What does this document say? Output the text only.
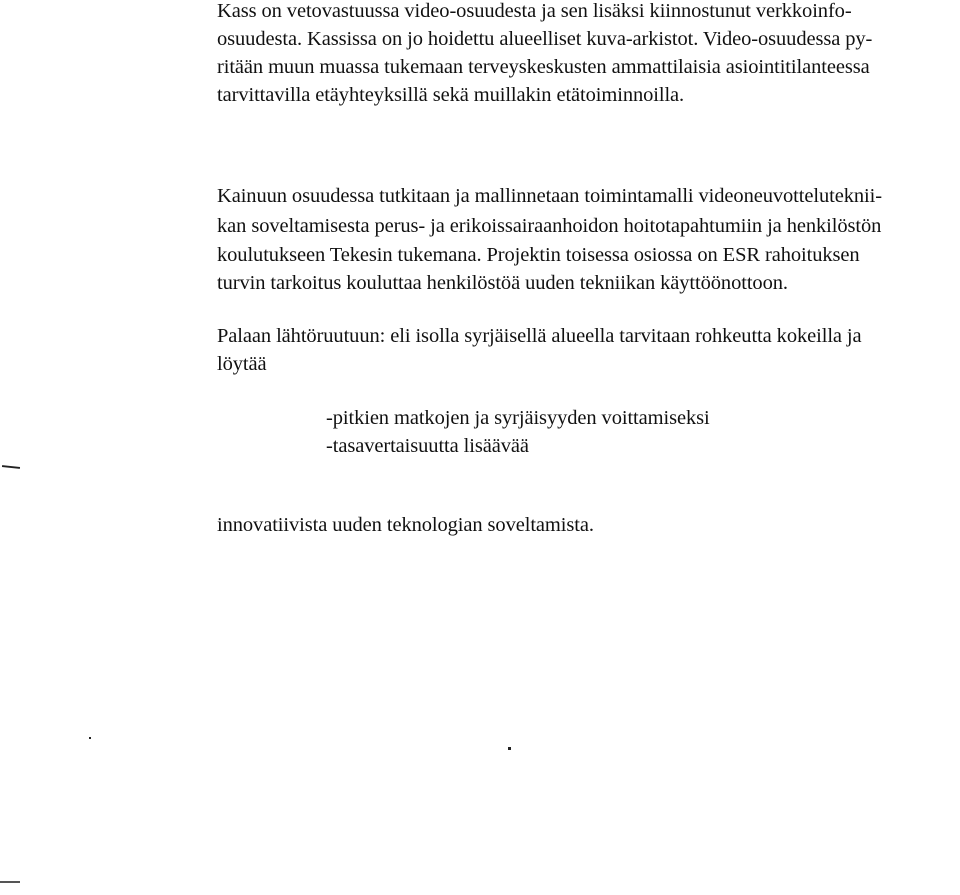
Kass on vetovastuussa video-osuudesta ja sen lisäksi kiinnostunut verkkoinfo-
osuudesta. Kassissa on jo hoidettu alueelliset kuva-arkistot. Video-osuudessa py-
ritään muun muassa tukemaan terveyskeskusten ammattilaisia asiointitilanteessa
tarvittavilla etäyhteyksillä sekä muillakin etätoiminnoilla.
Kainuun osuudessa tutkitaan ja mallinnetaan toimintamalli videoneuvotteluteknii-
kan soveltamisesta perus- ja erikoissairaanhoidon hoitotapahtumiin ja henkilöstön
koulutukseen Tekesin tukemana. Projektin toisessa osiossa on ESR rahoituksen
turvin tarkoitus kouluttaa henkilöstöä uuden tekniikan käyttöönottoon.
Palaan lähtöruutuun: eli isolla syrjäisellä alueella tarvitaan rohkeutta kokeilla ja
löytää
-pitkien matkojen ja syrjäisyyden voittamiseksi
-tasavertaisuutta lisäävää
innovatiivista uuden teknologian soveltamista.
